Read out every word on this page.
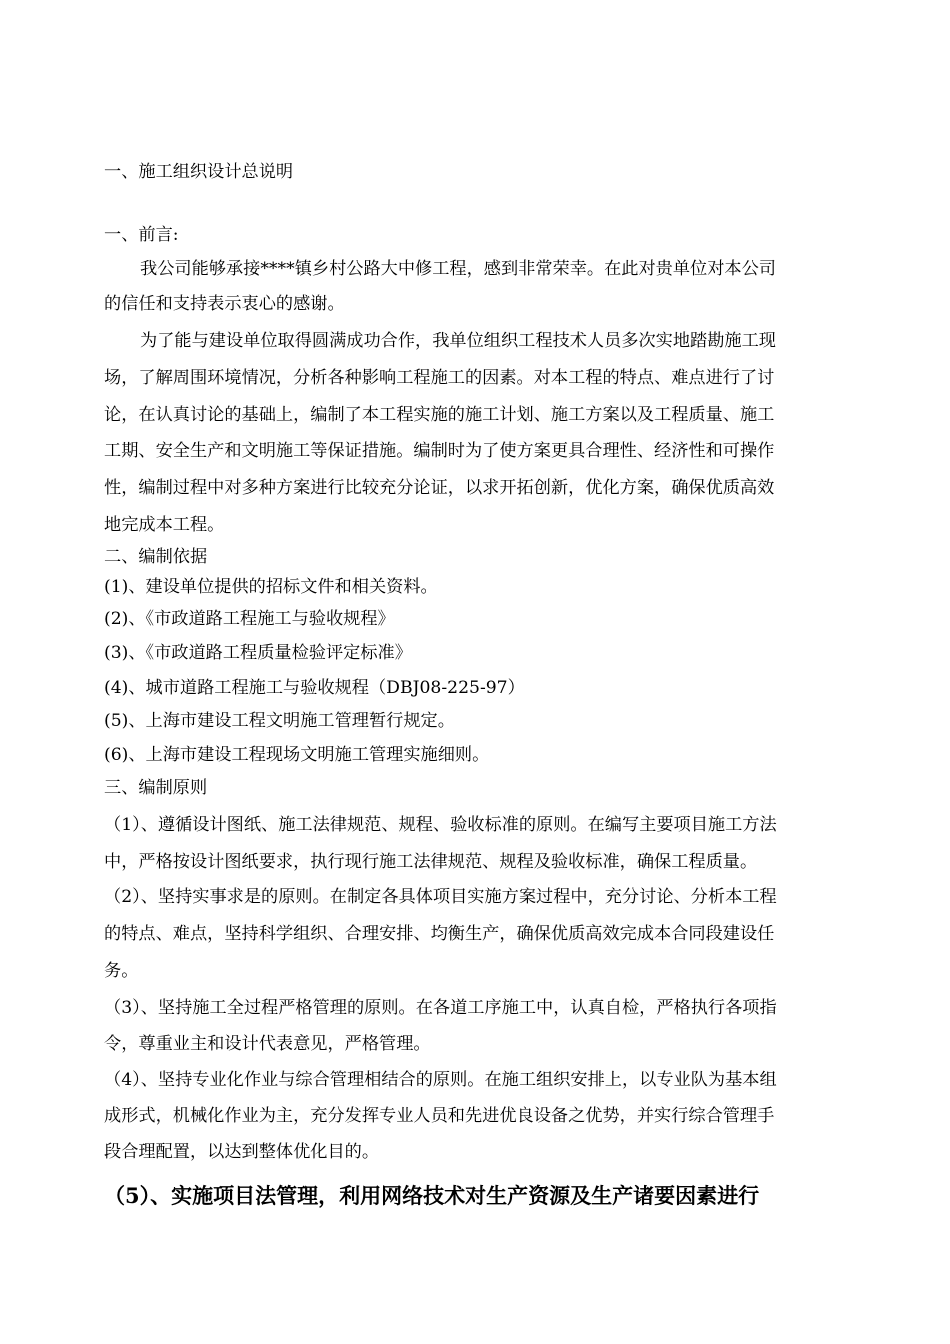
一、施工组织设计总说明
一、前言:
我公司能够承接****镇乡村公路大中修工程，感到非常荣幸。在此对贵单位对本公司
的信任和支持表示衷心的感谢。
为了能与建设单位取得圆满成功合作，我单位组织工程技术人员多次实地踏勘施工现
场，了解周围环境情况，分析各种影响工程施工的因素。对本工程的特点、难点进行了讨
论，在认真讨论的基础上，编制了本工程实施的施工计划、施工方案以及工程质量、施工
工期、安全生产和文明施工等保证措施。编制时为了使方案更具合理性、经济性和可操作
性，编制过程中对多种方案进行比较充分论证，以求开拓创新，优化方案，确保优质高效
地完成本工程。
二、编制依据
(1)、建设单位提供的招标文件和相关资料。
(2)、《市政道路工程施工与验收规程》
(3)、《市政道路工程质量检验评定标准》
(4)、城市道路工程施工与验收规程（DBJ08-225-97）
(5)、上海市建设工程文明施工管理暂行规定。
(6)、上海市建设工程现场文明施工管理实施细则。
三、编制原则
（1）、遵循设计图纸、施工法律规范、规程、验收标准的原则。在编写主要项目施工方法
中，严格按设计图纸要求，执行现行施工法律规范、规程及验收标准，确保工程质量。
（2）、坚持实事求是的原则。在制定各具体项目实施方案过程中，充分讨论、分析本工程
的特点、难点，坚持科学组织、合理安排、均衡生产，确保优质高效完成本合同段建设任
务。
（3）、坚持施工全过程严格管理的原则。在各道工序施工中，认真自检，严格执行各项指
令，尊重业主和设计代表意见，严格管理。
（4）、坚持专业化作业与综合管理相结合的原则。在施工组织安排上，以专业队为基本组
成形式，机械化作业为主，充分发挥专业人员和先进优良设备之优势，并实行综合管理手
段合理配置，以达到整体优化目的。
（5）、实施项目法管理，利用网络技术对生产资源及生产诸要因素进行
